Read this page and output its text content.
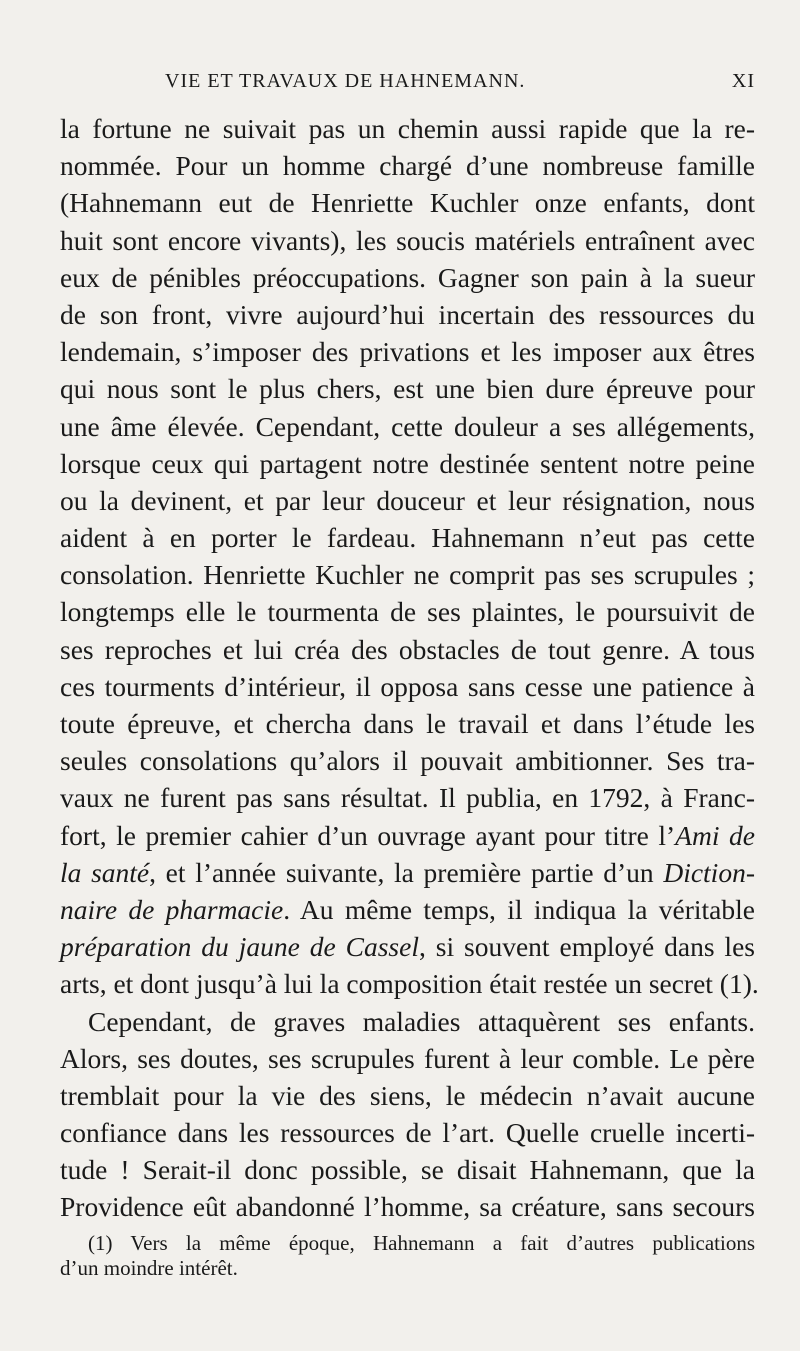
VIE ET TRAVAUX DE HAHNEMANN.	XI
la fortune ne suivait pas un chemin aussi rapide que la re-
nommée. Pour un homme chargé d’une nombreuse famille
(Hahnemann eut de Henriette Kuchler onze enfants, dont
huit sont encore vivants), les soucis matériels entraînent avec
eux de pénibles préoccupations. Gagner son pain à la sueur
de son front, vivre aujourd’hui incertain des ressources du
lendemain, s’imposer des privations et les imposer aux êtres
qui nous sont le plus chers, est une bien dure épreuve pour
une âme élevée. Cependant, cette douleur a ses allégements,
lorsque ceux qui partagent notre destinée sentent notre peine
ou la devinent, et par leur douceur et leur résignation, nous
aident à en porter le fardeau. Hahnemann n’eut pas cette
consolation. Henriette Kuchler ne comprit pas ses scrupules ;
longtemps elle le tourmenta de ses plaintes, le poursuivit de
ses reproches et lui créa des obstacles de tout genre. A tous
ces tourments d’intérieur, il opposa sans cesse une patience à
toute épreuve, et chercha dans le travail et dans l’étude les
seules consolations qu’alors il pouvait ambitionner. Ses tra-
vaux ne furent pas sans résultat. Il publia, en 1792, à Franc-
fort, le premier cahier d’un ouvrage ayant pour titre l’Ami de
la santé, et l’année suivante, la première partie d’un Diction-
naire de pharmacie. Au même temps, il indiqua la véritable
préparation du jaune de Cassel, si souvent employé dans les
arts, et dont jusqu’à lui la composition était restée un secret (1).
Cependant, de graves maladies attaquèrent ses enfants.
Alors, ses doutes, ses scrupules furent à leur comble. Le père
tremblait pour la vie des siens, le médecin n’avait aucune
confiance dans les ressources de l’art. Quelle cruelle incerti-
tude ! Serait-il donc possible, se disait Hahnemann, que la
Providence eût abandonné l’homme, sa créature, sans secours
(1) Vers la même époque, Hahnemann a fait d’autres publications
d’un moindre intérêt.
